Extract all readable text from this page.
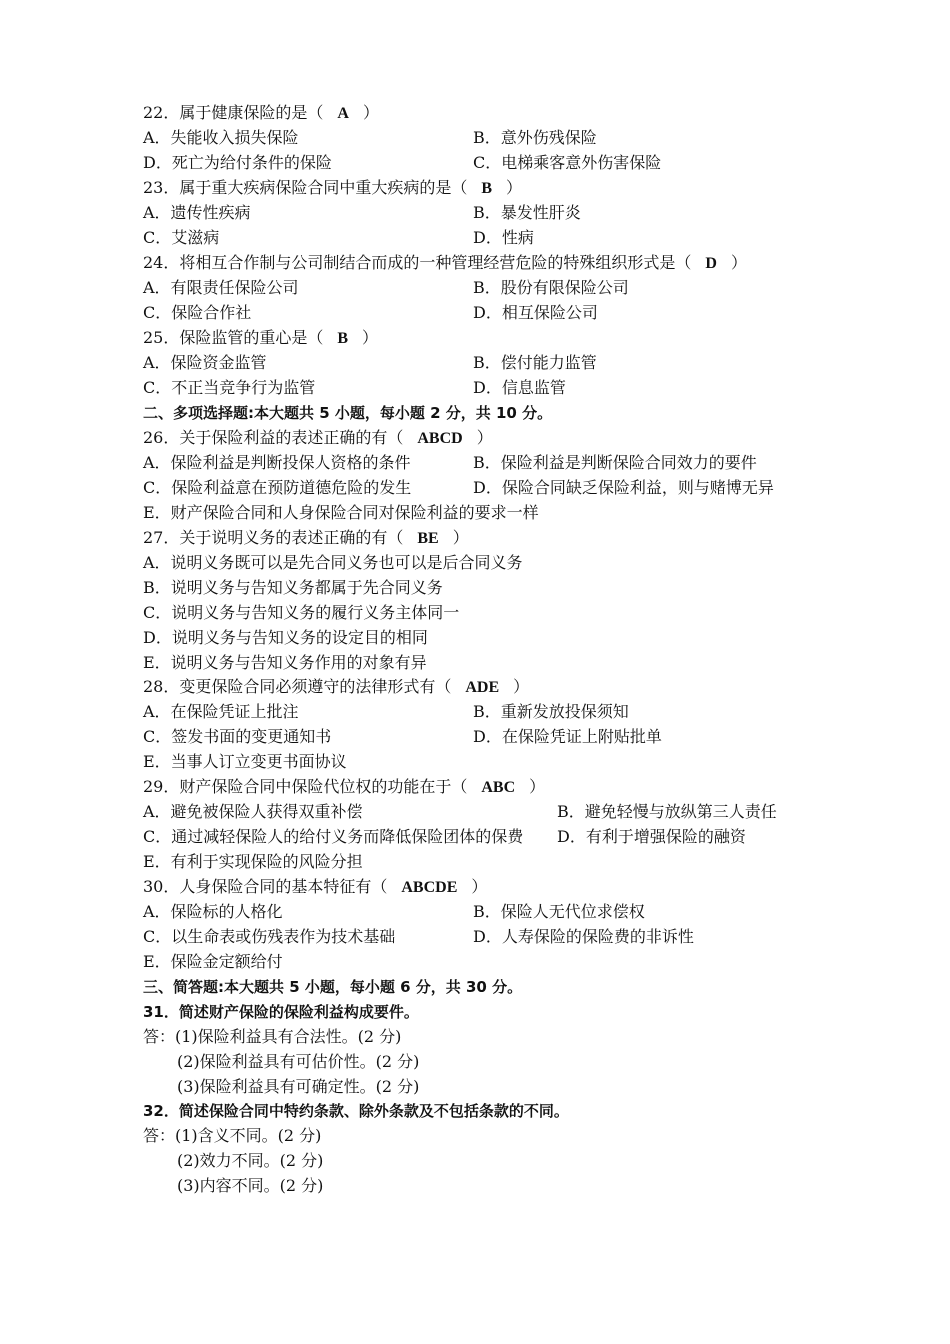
22．属于健康保险的是（ A ）
A．失能收入损失保险	B．意外伤残保险
D．死亡为给付条件的保险	C．电梯乘客意外伤害保险
23．属于重大疾病保险合同中重大疾病的是（ B ）
A．遗传性疾病	B．暴发性肝炎
C．艾滋病	D．性病
24．将相互合作制与公司制结合而成的一种管理经营危险的特殊组织形式是（ D ）
A．有限责任保险公司	B．股份有限保险公司
C．保险合作社	D．相互保险公司
25．保险监管的重心是（ B ）
A．保险资金监管	B．偿付能力监管
C．不正当竞争行为监管	D．信息监管
二、多项选择题:本大题共 5 小题，每小题 2 分，共 10 分。
26．关于保险利益的表述正确的有（ ABCD ）
A．保险利益是判断投保人资格的条件	B．保险利益是判断保险合同效力的要件
C．保险利益意在预防道德危险的发生	D．保险合同缺乏保险利益，则与赌博无异
E．财产保险合同和人身保险合同对保险利益的要求一样
27．关于说明义务的表述正确的有（ BE ）
A．说明义务既可以是先合同义务也可以是后合同义务
B．说明义务与告知义务都属于先合同义务
C．说明义务与告知义务的履行义务主体同一
D．说明义务与告知义务的设定目的相同
E．说明义务与告知义务作用的对象有异
28．变更保险合同必须遵守的法律形式有（ ADE ）
A．在保险凭证上批注	B．重新发放投保须知
C．签发书面的变更通知书	D．在保险凭证上附贴批单
E．当事人订立变更书面协议
29．财产保险合同中保险代位权的功能在于（ ABC ）
A．避免被保险人获得双重补偿	B．避免轻慢与放纵第三人责任
C．通过减轻保险人的给付义务而降低保险团体的保费 D．有利于增强保险的融资
E．有利于实现保险的风险分担
30．人身保险合同的基本特征有（ ABCDE ）
A．保险标的人格化	B．保险人无代位求偿权
C．以生命表或伤残表作为技术基础	D．人寿保险的保险费的非诉性
E．保险金定额给付
三、简答题:本大题共 5 小题，每小题 6 分，共 30 分。
31．简述财产保险的保险利益构成要件。
答：(1)保险利益具有合法性。(2 分)
(2)保险利益具有可估价性。(2 分)
(3)保险利益具有可确定性。(2 分)
32．简述保险合同中特约条款、除外条款及不包括条款的不同。
答：(1)含义不同。(2 分)
(2)效力不同。(2 分)
(3)内容不同。(2 分)
